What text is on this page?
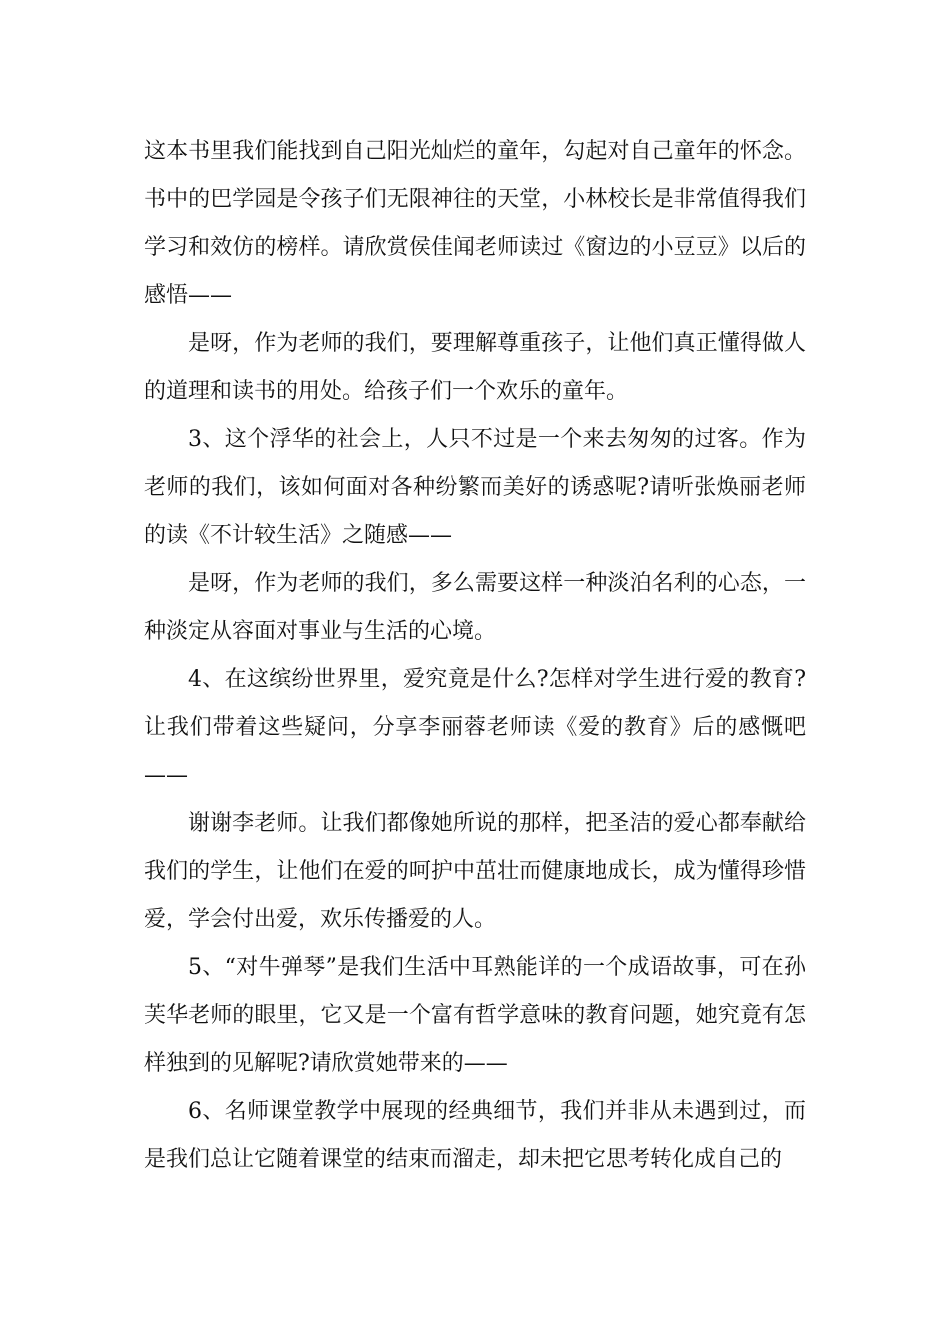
这本书里我们能找到自己阳光灿烂的童年，勾起对自己童年的怀念。书中的巴学园是令孩子们无限神往的天堂，小林校长是非常值得我们学习和效仿的榜样。请欣赏侯佳闻老师读过《窗边的小豆豆》以后的感悟——

是呀，作为老师的我们，要理解尊重孩子，让他们真正懂得做人的道理和读书的用处。给孩子们一个欢乐的童年。

3、这个浮华的社会上，人只不过是一个来去匆匆的过客。作为老师的我们，该如何面对各种纷繁而美好的诱惑呢?请听张焕丽老师的读《不计较生活》之随感——

是呀，作为老师的我们，多么需要这样一种淡泊名利的心态，一种淡定从容面对事业与生活的心境。

4、在这缤纷世界里，爱究竟是什么?怎样对学生进行爱的教育?让我们带着这些疑问，分享李丽蓉老师读《爱的教育》后的感慨吧——

谢谢李老师。让我们都像她所说的那样，把圣洁的爱心都奉献给我们的学生，让他们在爱的呵护中茁壮而健康地成长，成为懂得珍惜爱，学会付出爱，欢乐传播爱的人。

5、“对牛弹琴”是我们生活中耳熟能详的一个成语故事，可在孙芙华老师的眼里，它又是一个富有哲学意味的教育问题，她究竟有怎样独到的见解呢?请欣赏她带来的——

6、名师课堂教学中展现的经典细节，我们并非从未遇到过，而是我们总让它随着课堂的结束而溜走，却未把它思考转化成自己的
